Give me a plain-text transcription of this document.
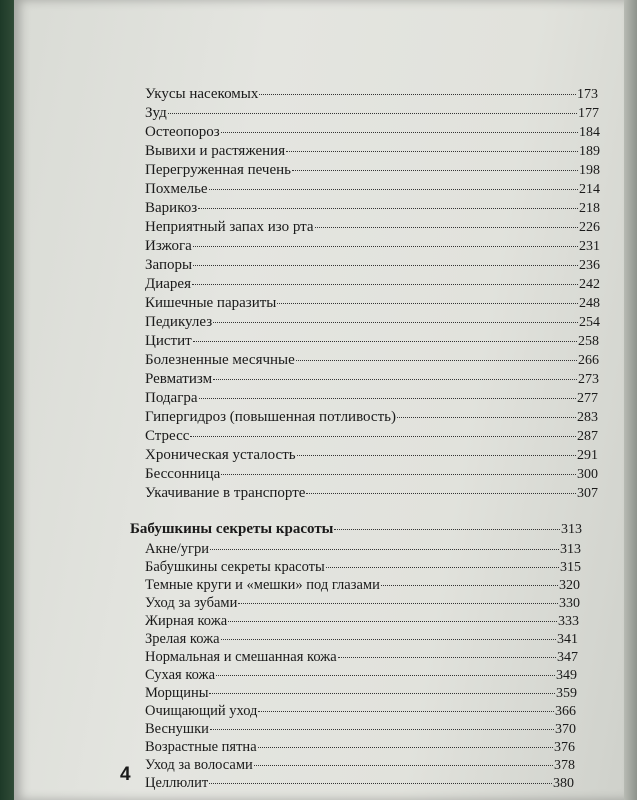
Укусы насекомых	173
Зуд	177
Остеопороз	184
Вывихи и растяжения	189
Перегруженная печень	198
Похмелье	214
Варикоз	218
Неприятный запах изо рта	226
Изжога	231
Запоры	236
Диарея	242
Кишечные паразиты	248
Педикулез	254
Цистит	258
Болезненные месячные	266
Ревматизм	273
Подагра	277
Гипергидроз (повышенная потливость)	283
Стресс	287
Хроническая усталость	291
Бессонница	300
Укачивание в транспорте	307
Бабушкины секреты красоты	313
Акне/угри	313
Бабушкины секреты красоты	315
Темные круги и «мешки» под глазами	320
Уход за зубами	330
Жирная кожа	333
Зрелая кожа	341
Нормальная и смешанная кожа	347
Сухая кожа	349
Морщины	359
Очищающий уход	366
Веснушки	370
Возрастные пятна	376
Уход за волосами	378
Целлюлит	380
4
